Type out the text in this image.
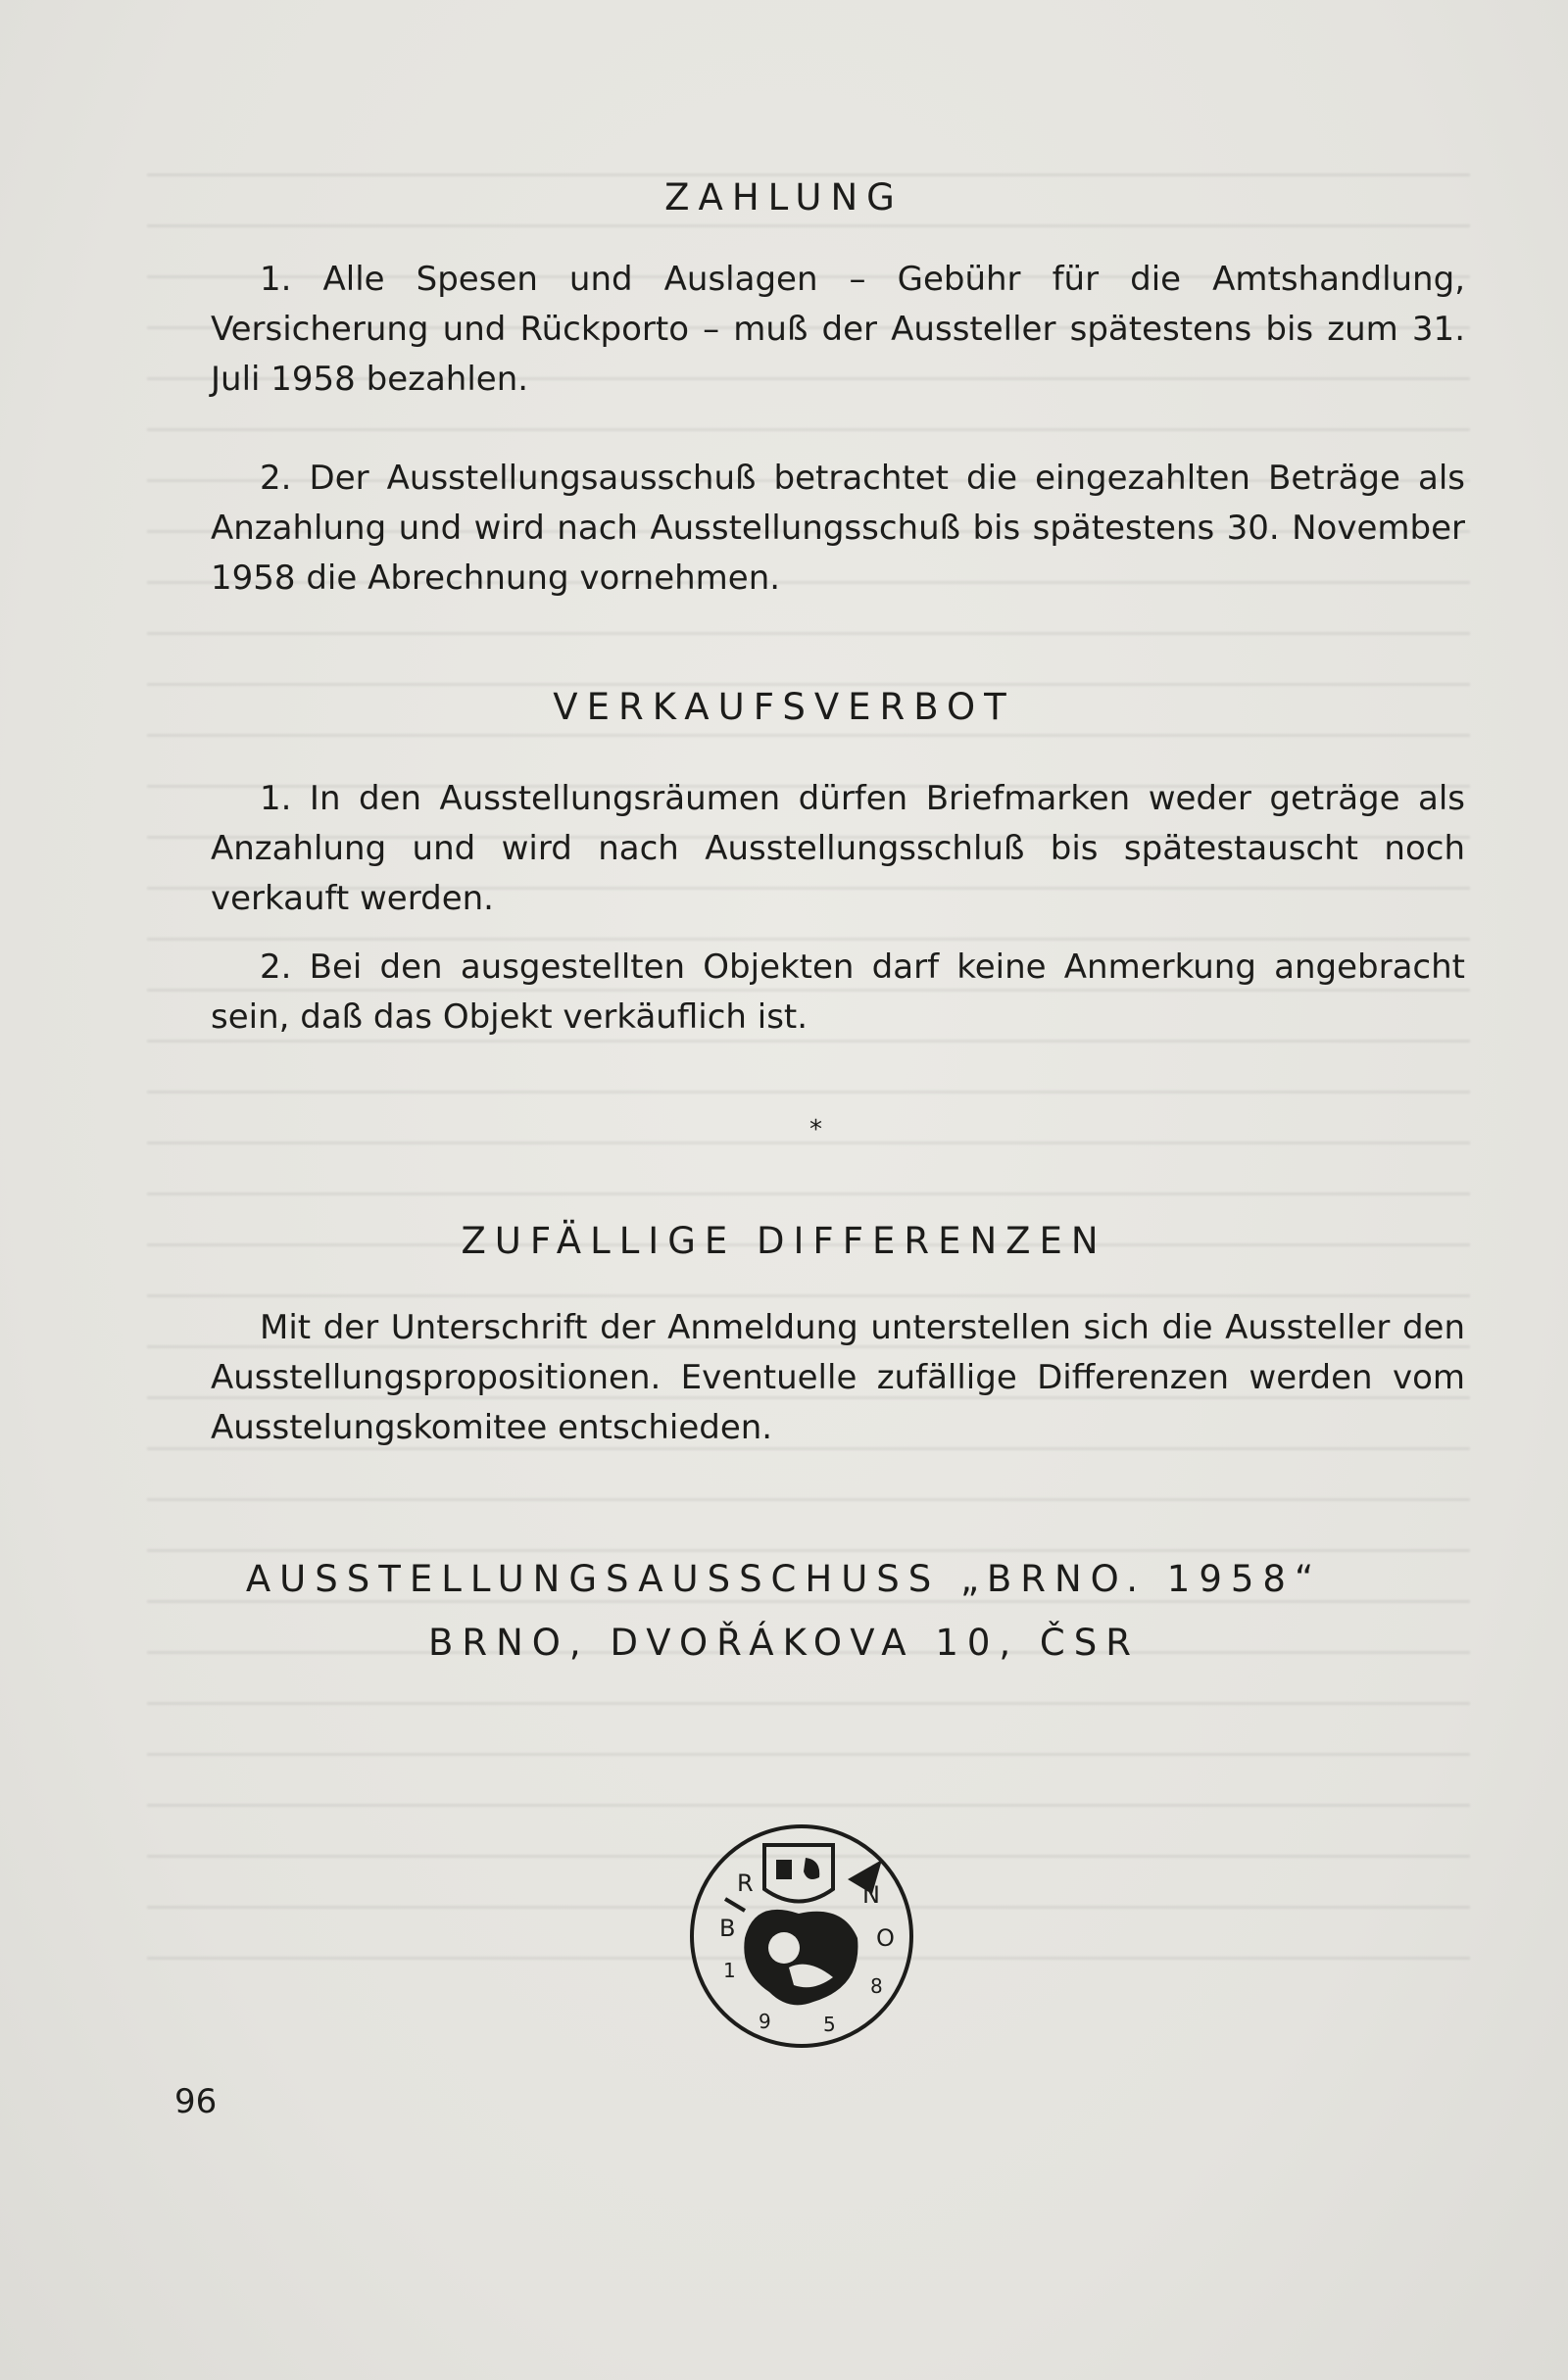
ZAHLUNG

1. Alle Spesen und Auslagen – Gebühr für die Amtshandlung, Versicherung und Rückporto – muß der Aussteller spätestens bis zum 31. Juli 1958 bezahlen.

2. Der Ausstellungsausschuß betrachtet die eingezahlten Beträge als Anzahlung und wird nach Ausstellungsschuß bis spätestens 30. November 1958 die Abrechnung vornehmen.

VERKAUFSVERBOT

1. In den Ausstellungsräumen dürfen Briefmarken weder geträge als Anzahlung und wird nach Ausstellungsschluß bis spätestauscht noch verkauft werden.

2. Bei den ausgestellten Objekten darf keine Anmerkung angebracht sein, daß das Objekt verkäuflich ist.

*
ZUFÄLLIGE DIFFERENZEN

Mit der Unterschrift der Anmeldung unterstellen sich die Aussteller den Ausstellungspropositionen. Eventuelle zufällige Differenzen werden vom Ausstelungskomitee entschieden.

AUSSTELLUNGSAUSSCHUSS „BRNO. 1958“

BRNO, DVOŘÁKOVA 10, ČSR

B
R	N
O
1
9	5
8
96
